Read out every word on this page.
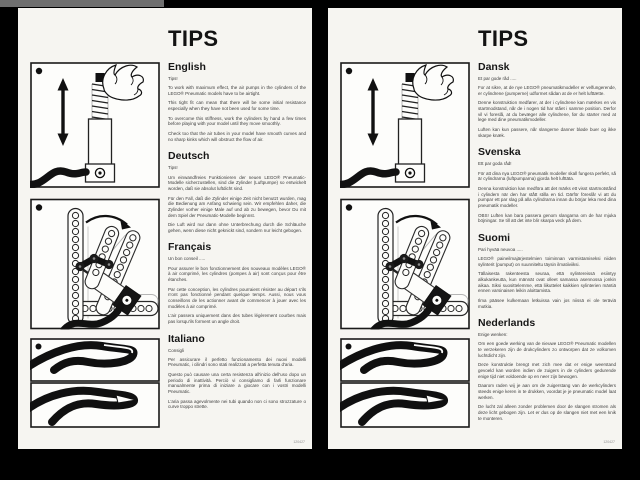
TIPS
English

Tips!

To work with maximum effect, the air pumps in the cylinders of the LEGO® Pneumatic models have to be airtight.

This tight fit can mean that there will be some initial resistance especially when they have not been used for some time.

To overcome this stiffness, work the cylinders by hand a few times before playing with your model until they move smoothly.

Check too that the air tubes in your model have smooth curves and no sharp kinks which will obstruct the flow of air.

Deutsch

Tips!

Um einwandfreies Funktionieren der neuen LEGO® Pneumatic-Modelle sicherzustellen, sind die Zylinder (Luftpumpe) so entwickelt worden, daß sie absolut luftdicht sind.

Für den Fall, daß die Zylinder einige Zeit nicht benutzt wurden, mag die Bedienung am Anfang schwierig sein. Wir empfehlen daher, die Zylinder vorher einige Male auf und ab zu bewegen, bevor Du mit dem Spiel der Pneumatic-Modelle beginnst.

Die Luft wird nur dann ohne Unterbrechung durch die Schläuche gehen, wenn diese nicht geknickt sind, sondern nur leicht gebogen.

Français

Un bon conseil .....

Pour assurer le bon fonctionnement des nouveaux modèles LEGO® à air comprimé, les cylindres (pompes à air) sont conçus pour être étanches.

Par cette conception, les cylindres pourraient résister au départ s'ils n'ont pas fonctionné pendant quelque temps. Aussi, nous vous conseillons de les actionner avant de commencer à jouer avec les modèles à air comprimé.

L'air passera uniquement dans des tubes légèrement courbes mais pas lorsqu'ils forment un angle droit.

Italiano

Consigli

Per assicurare il perfetto funzionamento dei nuovi modelli Pneumatic, i cilindri sono stati realizzati a perfetta tenuta d'aria.

Questo può causare una certa resistenza all'inizio dell'uso dopo un periodo di inattività. Perciò vi consigliamo di farli funzionare manualmente prima di iniziare a giocare con i vostri modelli Pneumatic.

L'aria passa agevolmente nei tubi quando non ci sono strozzature o curve troppo strette.

120427
TIPS
Dansk

Et par gode råd .....

For at sikre, at de nye LEGO® pneumatikmodeller er velfungerende, er cylindrene (pumperne) udformet sådan at de er helt lufttætte.

Denne konstruktion medfører, at der i cylindrene kan mærkes en vis startmodstand, når de i nogen tid har stået i samme position. Derfor vil vi foreslå, at du bevæger alle cylindrene, før du starter med at lege med dine pneumatikmodeller.

Luften kan kun passere, når slangerne danner bløde buer og ikke skarpe knæk.

Svenska

Ett par goda råd!

För att dina nya LEGO® pneumatik modeller skall fungera perfekt, så är cylindrarna (luftpumparna) gjorda helt lufttäta.

Denna konstruktion kan medföra att det märks ett visst startmotstånd i cylindern när den har stått stilla en tid. Därför föreslår vi att du pumpar ett par slag på alla cylindrarna innan du börjar leka med dina pneumatik modeller.

OBS! Luften kan bara passera genom slangarna om de har mjuka böjningar. Se till att det inte blir skarpa veck på dem.

Suomi

Pari hyvää neuvoa .....

LEGO® paineilmajärjestelmien toiminnan varmistamiseksi niiden sylinterit (pumput) on suunniteltu täysin ilmatiiviiksi.

Tällaisesta rakenteesta seuraa, että sylintereissä esiintyy alkukankeutta, kun männät ovat olleet samassa asennossa jonkin aikaa. Siksi suosittelemme, että liikuttelet kaikkien sylinterien mäntiä ennen varsinaisen leikin aloittamista.

Ilma pääsee kulkemaan letkuissa vain jos niissä ei ole teräviä mutkia.

Nederlands

Enige wenken:

Om een goede werking van de nieuwe LEGO® Pneumatic modellen te verzekeren zijn de drukcylinders zo ontworpen dat ze volkomen luchtdicht zijn.

Deze konstruktie brengt met zich mee dat er enige weerstand gevoeld kan worden indien de zuigers in de cylinders gedurende enige tijd niet voldoende op en neer zijn bewogen.

Daarom raden wij je aan om de zuigerstang van de werkcylinders steeds enige keren in te drukken, voordat je je pneumatic model laat werken.

De lucht zal alleen zonder problemen door de slangen stromen als deze licht gebogen zijn. Let er dus op de slangen niet met een knik te monteren.

120427
